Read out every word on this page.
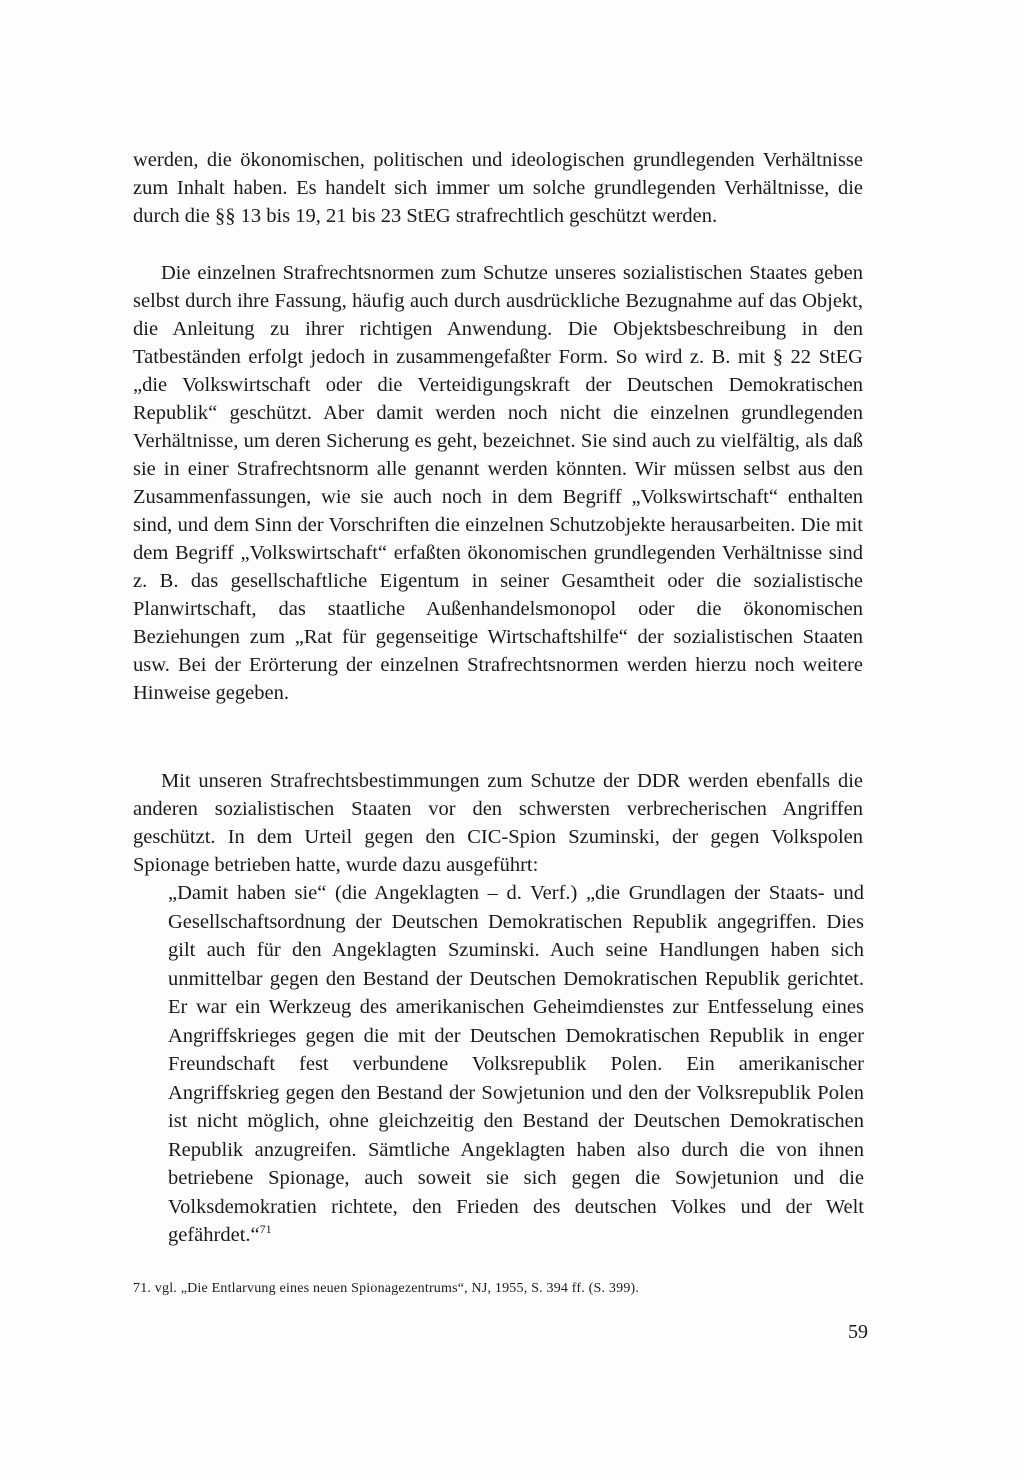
werden, die ökonomischen, politischen und ideologischen grundlegenden Verhältnisse zum Inhalt haben. Es handelt sich immer um solche grundlegenden Verhältnisse, die durch die §§ 13 bis 19, 21 bis 23 StEG strafrechtlich geschützt werden.

Die einzelnen Strafrechtsnormen zum Schutze unseres sozialistischen Staates geben selbst durch ihre Fassung, häufig auch durch ausdrückliche Bezugnahme auf das Objekt, die Anleitung zu ihrer richtigen Anwendung. Die Objektsbeschreibung in den Tatbeständen erfolgt jedoch in zusammengefaßter Form. So wird z. B. mit § 22 StEG „die Volkswirtschaft oder die Verteidigungskraft der Deutschen Demokratischen Republik“ geschützt. Aber damit werden noch nicht die einzelnen grundlegenden Verhältnisse, um deren Sicherung es geht, bezeichnet. Sie sind auch zu vielfältig, als daß sie in einer Strafrechtsnorm alle genannt werden könnten. Wir müssen selbst aus den Zusammenfassungen, wie sie auch noch in dem Begriff „Volkswirtschaft“ enthalten sind, und dem Sinn der Vorschriften die einzelnen Schutzobjekte herausarbeiten. Die mit dem Begriff „Volkswirtschaft“ erfaßten ökonomischen grundlegenden Verhältnisse sind z. B. das gesellschaftliche Eigentum in seiner Gesamtheit oder die sozialistische Planwirtschaft, das staatliche Außenhandelsmonopol oder die ökonomischen Beziehungen zum „Rat für gegenseitige Wirtschaftshilfe“ der sozialistischen Staaten usw. Bei der Erörterung der einzelnen Strafrechtsnormen werden hierzu noch weitere Hinweise gegeben.

Mit unseren Strafrechtsbestimmungen zum Schutze der DDR werden ebenfalls die anderen sozialistischen Staaten vor den schwersten verbrecherischen Angriffen geschützt. In dem Urteil gegen den CIC-Spion Szuminski, der gegen Volkspolen Spionage betrieben hatte, wurde dazu ausgeführt:

„Damit haben sie“ (die Angeklagten – d. Verf.) „die Grundlagen der Staats- und Gesellschaftsordnung der Deutschen Demokratischen Republik angegriffen. Dies gilt auch für den Angeklagten Szuminski. Auch seine Handlungen haben sich unmittelbar gegen den Bestand der Deutschen Demokratischen Republik gerichtet. Er war ein Werkzeug des amerikanischen Geheimdienstes zur Entfesselung eines Angriffskrieges gegen die mit der Deutschen Demokratischen Republik in enger Freundschaft fest verbundene Volksrepublik Polen. Ein amerikanischer Angriffskrieg gegen den Bestand der Sowjetunion und den der Volksrepublik Polen ist nicht möglich, ohne gleichzeitig den Bestand der Deutschen Demokratischen Republik anzugreifen. Sämtliche Angeklagten haben also durch die von ihnen betriebene Spionage, auch soweit sie sich gegen die Sowjetunion und die Volksdemokratien richtete, den Frieden des deutschen Volkes und der Welt gefährdet.“$^{71}$

71. vgl. „Die Entlarvung eines neuen Spionagezentrums“, NJ, 1955, S. 394 ff. (S. 399).
59
